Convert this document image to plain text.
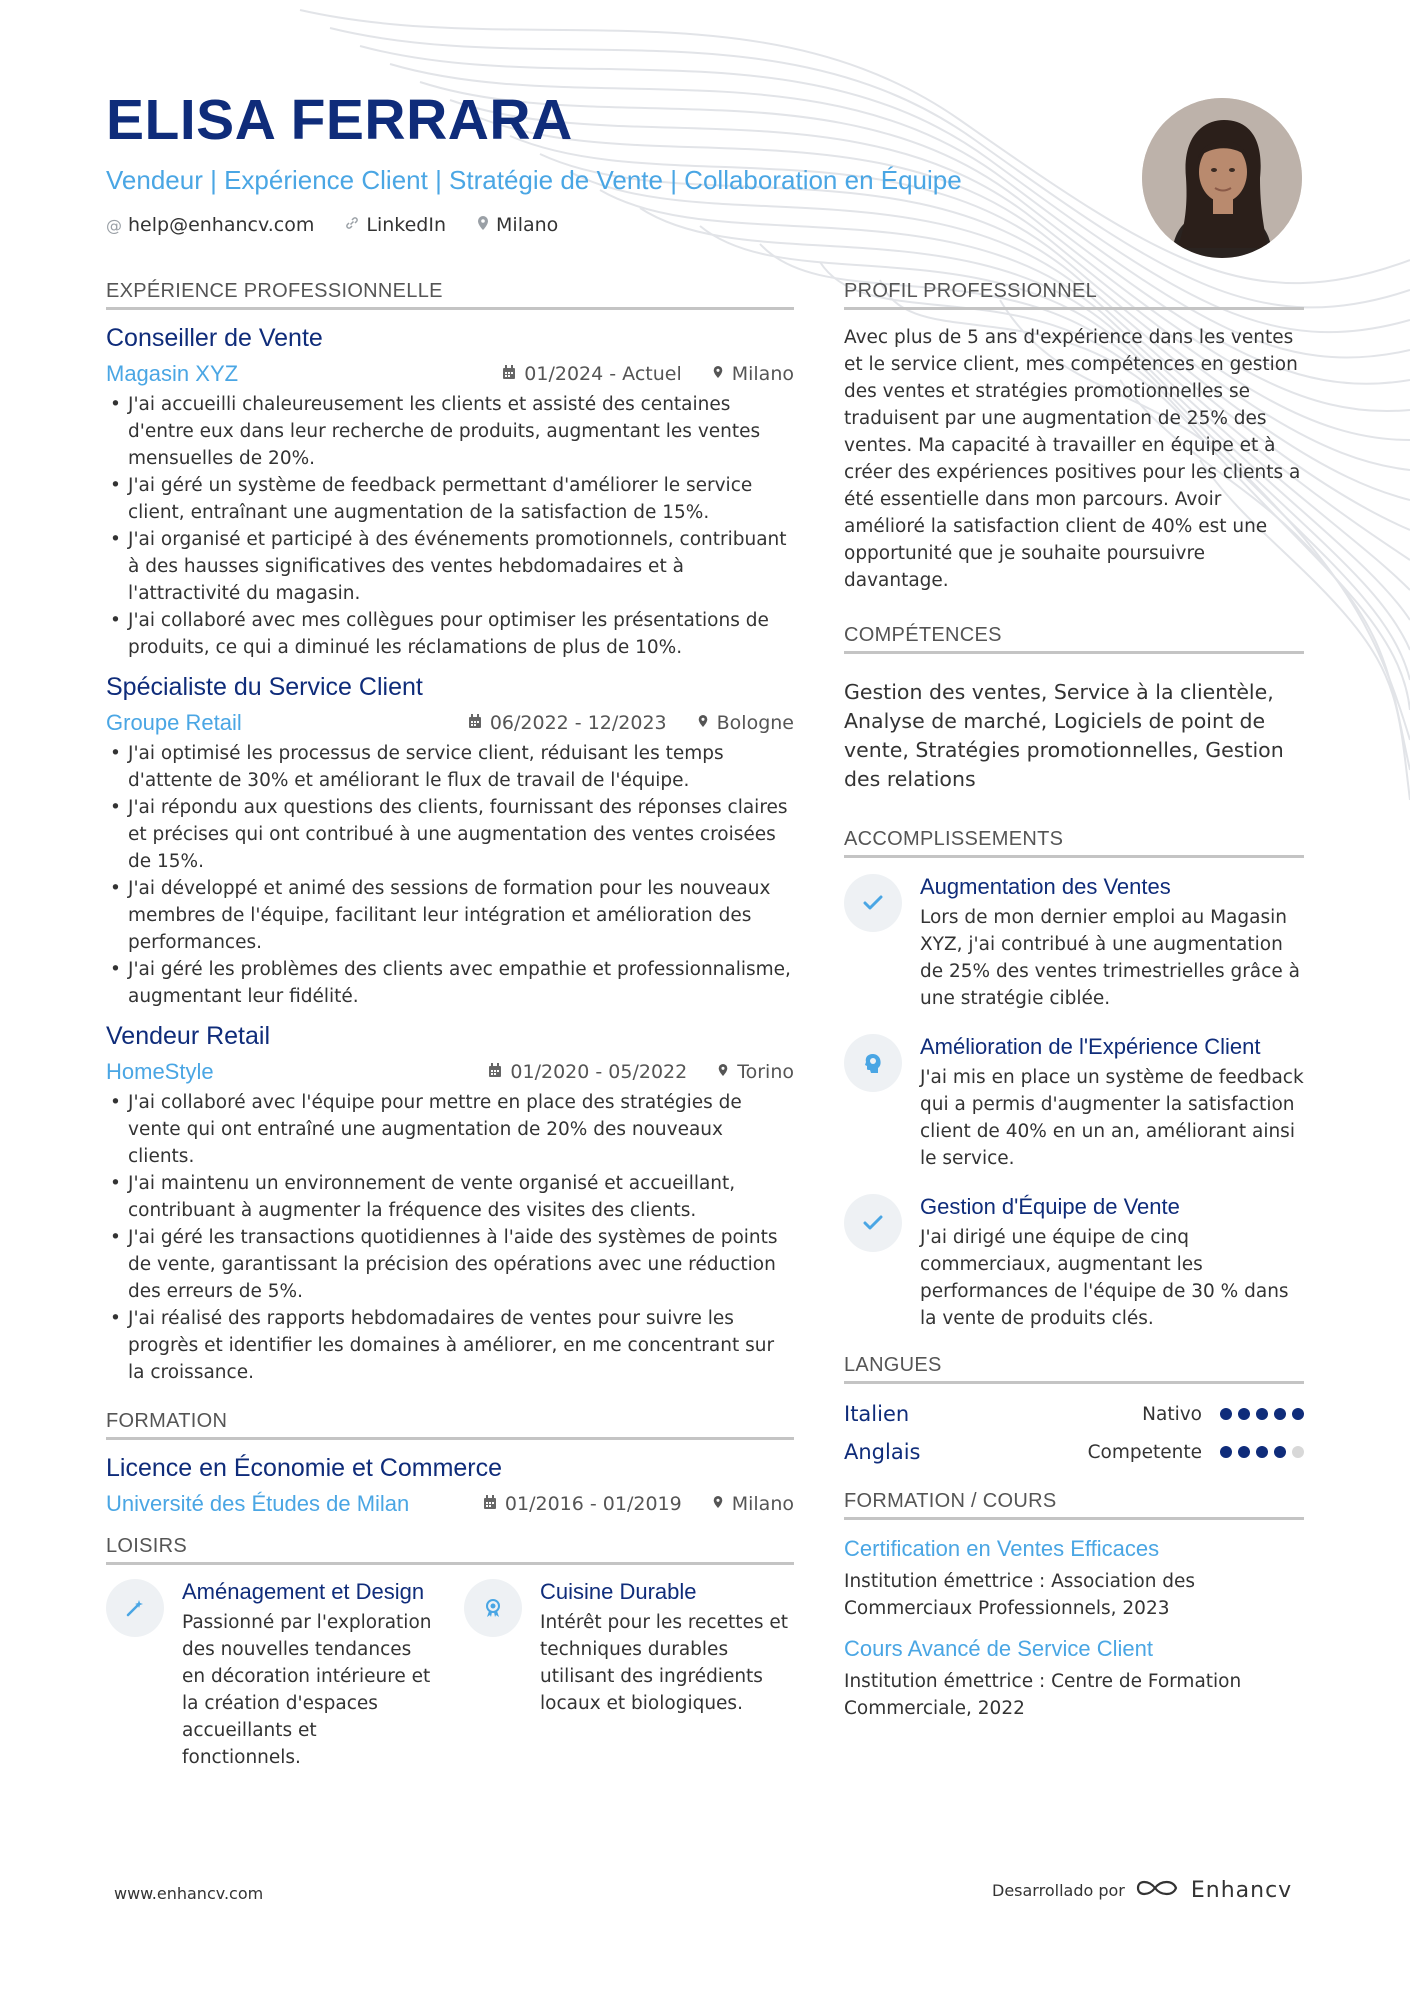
ELISA FERRARA
Vendeur | Expérience Client | Stratégie de Vente | Collaboration en Équipe
@ help@enhancv.com	LinkedIn	Milano
EXPÉRIENCE PROFESSIONNELLE
Conseiller de Vente
Magasin XYZ	01/2024 - Actuel	Milano
• J'ai accueilli chaleureusement les clients et assisté des centaines d'entre eux dans leur recherche de produits, augmentant les ventes mensuelles de 20%.
• J'ai géré un système de feedback permettant d'améliorer le service client, entraînant une augmentation de la satisfaction de 15%.
• J'ai organisé et participé à des événements promotionnels, contribuant à des hausses significatives des ventes hebdomadaires et à l'attractivité du magasin.
• J'ai collaboré avec mes collègues pour optimiser les présentations de produits, ce qui a diminué les réclamations de plus de 10%.
Spécialiste du Service Client
Groupe Retail	06/2022 - 12/2023	Bologne
• J'ai optimisé les processus de service client, réduisant les temps d'attente de 30% et améliorant le flux de travail de l'équipe.
• J'ai répondu aux questions des clients, fournissant des réponses claires et précises qui ont contribué à une augmentation des ventes croisées de 15%.
• J'ai développé et animé des sessions de formation pour les nouveaux membres de l'équipe, facilitant leur intégration et amélioration des performances.
• J'ai géré les problèmes des clients avec empathie et professionnalisme, augmentant leur fidélité.
Vendeur Retail
HomeStyle	01/2020 - 05/2022	Torino
• J'ai collaboré avec l'équipe pour mettre en place des stratégies de vente qui ont entraîné une augmentation de 20% des nouveaux clients.
• J'ai maintenu un environnement de vente organisé et accueillant, contribuant à augmenter la fréquence des visites des clients.
• J'ai géré les transactions quotidiennes à l'aide des systèmes de points de vente, garantissant la précision des opérations avec une réduction des erreurs de 5%.
• J'ai réalisé des rapports hebdomadaires de ventes pour suivre les progrès et identifier les domaines à améliorer, en me concentrant sur la croissance.
FORMATION
Licence en Économie et Commerce
Université des Études de Milan	01/2016 - 01/2019	Milano
LOISIRS
Aménagement et Design
Passionné par l'exploration des nouvelles tendances en décoration intérieure et la création d'espaces accueillants et fonctionnels.
Cuisine Durable
Intérêt pour les recettes et techniques durables utilisant des ingrédients locaux et biologiques.
PROFIL PROFESSIONNEL
Avec plus de 5 ans d'expérience dans les ventes et le service client, mes compétences en gestion des ventes et stratégies promotionnelles se traduisent par une augmentation de 25% des ventes. Ma capacité à travailler en équipe et à créer des expériences positives pour les clients a été essentielle dans mon parcours. Avoir amélioré la satisfaction client de 40% est une opportunité que je souhaite poursuivre davantage.
COMPÉTENCES
Gestion des ventes, Service à la clientèle, Analyse de marché, Logiciels de point de vente, Stratégies promotionnelles, Gestion des relations
ACCOMPLISSEMENTS
Augmentation des Ventes
Lors de mon dernier emploi au Magasin XYZ, j'ai contribué à une augmentation de 25% des ventes trimestrielles grâce à une stratégie ciblée.
Amélioration de l'Expérience Client
J'ai mis en place un système de feedback qui a permis d'augmenter la satisfaction client de 40% en un an, améliorant ainsi le service.
Gestion d'Équipe de Vente
J'ai dirigé une équipe de cinq commerciaux, augmentant les performances de l'équipe de 30 % dans la vente de produits clés.
LANGUES
Italien	Nativo
Anglais	Competente
FORMATION / COURS
Certification en Ventes Efficaces
Institution émettrice : Association des Commerciaux Professionnels, 2023
Cours Avancé de Service Client
Institution émettrice : Centre de Formation Commerciale, 2022
www.enhancv.com	Desarrollado por	Enhancv
